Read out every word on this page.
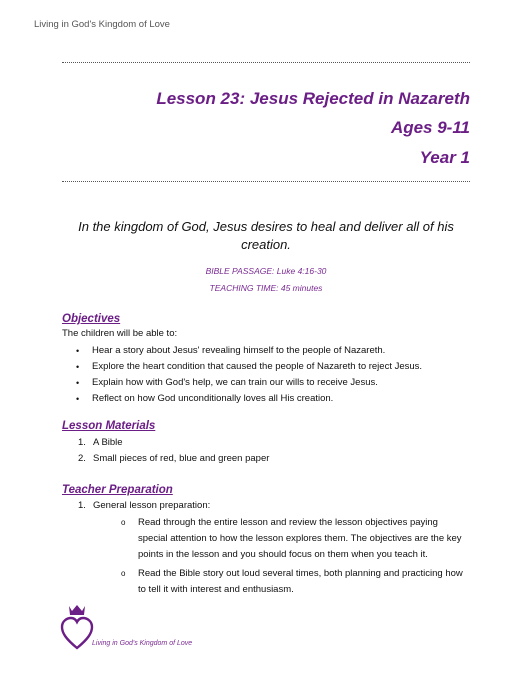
Living in God's Kingdom of Love
Lesson 23: Jesus Rejected in Nazareth
Ages 9-11
Year 1
In the kingdom of God, Jesus desires to heal and deliver all of his creation.
BIBLE PASSAGE: Luke 4:16-30
TEACHING TIME: 45 minutes
Objectives
The children will be able to:
• Hear a story about Jesus' revealing himself to the people of Nazareth.
• Explore the heart condition that caused the people of Nazareth to reject Jesus.
• Explain how with God's help, we can train our wills to receive Jesus.
• Reflect on how God unconditionally loves all His creation.
Lesson Materials
1. A Bible
2. Small pieces of red, blue and green paper
Teacher Preparation
1. General lesson preparation:
o Read through the entire lesson and review the lesson objectives paying special attention to how the lesson explores them. The objectives are the key points in the lesson and you should focus on them when you teach it.
o Read the Bible story out loud several times, both planning and practicing how to tell it with interest and enthusiasm.
Living in God's Kingdom of Love
